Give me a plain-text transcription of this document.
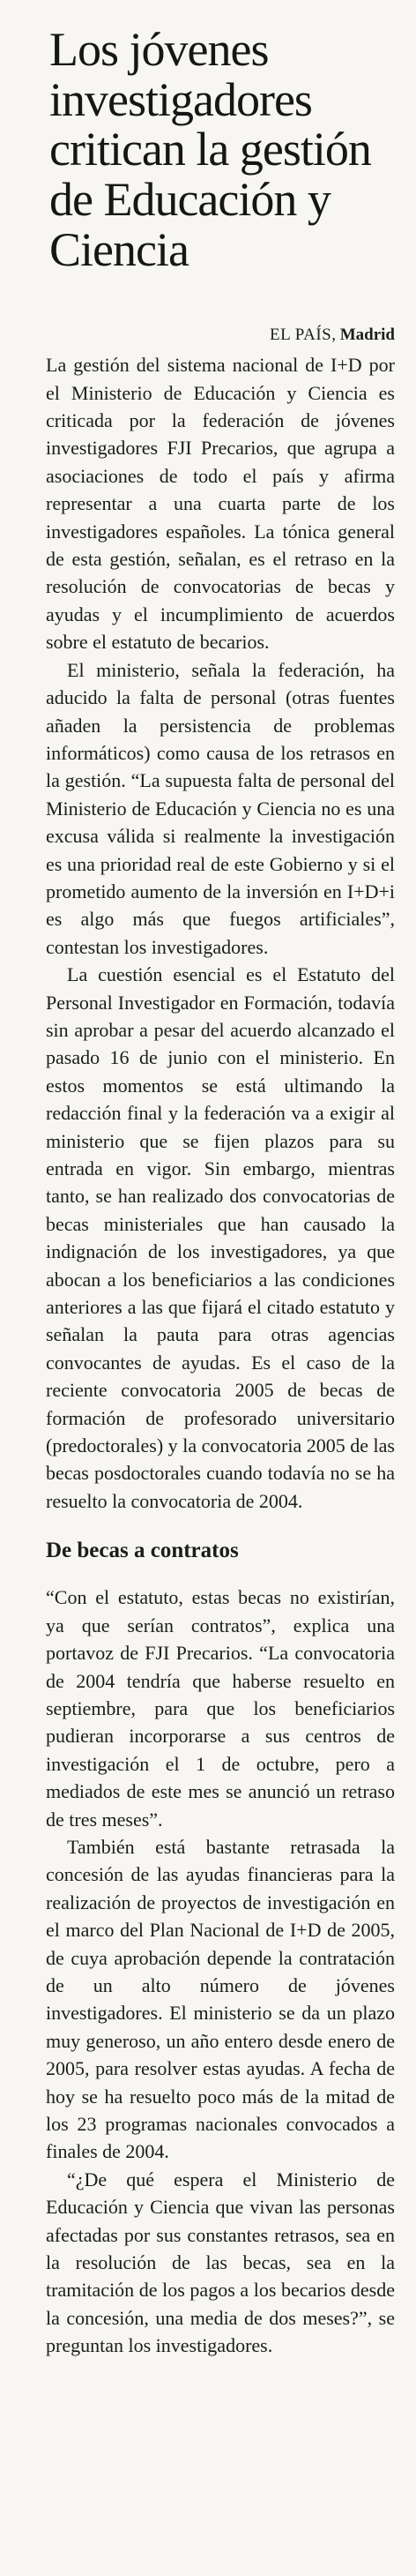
Los jóvenes investigadores critican la gestión de Educación y Ciencia
EL PAÍS, Madrid

La gestión del sistema nacional de I+D por el Ministerio de Educación y Ciencia es criticada por la federación de jóvenes investigadores FJI Precarios, que agrupa a asociaciones de todo el país y afirma representar a una cuarta parte de los investigadores españoles. La tónica general de esta gestión, señalan, es el retraso en la resolución de convocatorias de becas y ayudas y el incumplimiento de acuerdos sobre el estatuto de becarios.

El ministerio, señala la federación, ha aducido la falta de personal (otras fuentes añaden la persistencia de problemas informáticos) como causa de los retrasos en la gestión. “La supuesta falta de personal del Ministerio de Educación y Ciencia no es una excusa válida si realmente la investigación es una prioridad real de este Gobierno y si el prometido aumento de la inversión en I+D+i es algo más que fuegos artificiales”, contestan los investigadores.

La cuestión esencial es el Estatuto del Personal Investigador en Formación, todavía sin aprobar a pesar del acuerdo alcanzado el pasado 16 de junio con el ministerio. En estos momentos se está ultimando la redacción final y la federación va a exigir al ministerio que se fijen plazos para su entrada en vigor. Sin embargo, mientras tanto, se han realizado dos convocatorias de becas ministeriales que han causado la indignación de los investigadores, ya que abocan a los beneficiarios a las condiciones anteriores a las que fijará el citado estatuto y señalan la pauta para otras agencias convocantes de ayudas. Es el caso de la reciente convocatoria 2005 de becas de formación de profesorado universitario (predoctorales) y la convocatoria 2005 de las becas posdoctorales cuando todavía no se ha resuelto la convocatoria de 2004.

De becas a contratos

“Con el estatuto, estas becas no existirían, ya que serían contratos”, explica una portavoz de FJI Precarios. “La convocatoria de 2004 tendría que haberse resuelto en septiembre, para que los beneficiarios pudieran incorporarse a sus centros de investigación el 1 de octubre, pero a mediados de este mes se anunció un retraso de tres meses”.

También está bastante retrasada la concesión de las ayudas financieras para la realización de proyectos de investigación en el marco del Plan Nacional de I+D de 2005, de cuya aprobación depende la contratación de un alto número de jóvenes investigadores. El ministerio se da un plazo muy generoso, un año entero desde enero de 2005, para resolver estas ayudas. A fecha de hoy se ha resuelto poco más de la mitad de los 23 programas nacionales convocados a finales de 2004.

“¿De qué espera el Ministerio de Educación y Ciencia que vivan las personas afectadas por sus constantes retrasos, sea en la resolución de las becas, sea en la tramitación de los pagos a los becarios desde la concesión, una media de dos meses?”, se preguntan los investigadores.
